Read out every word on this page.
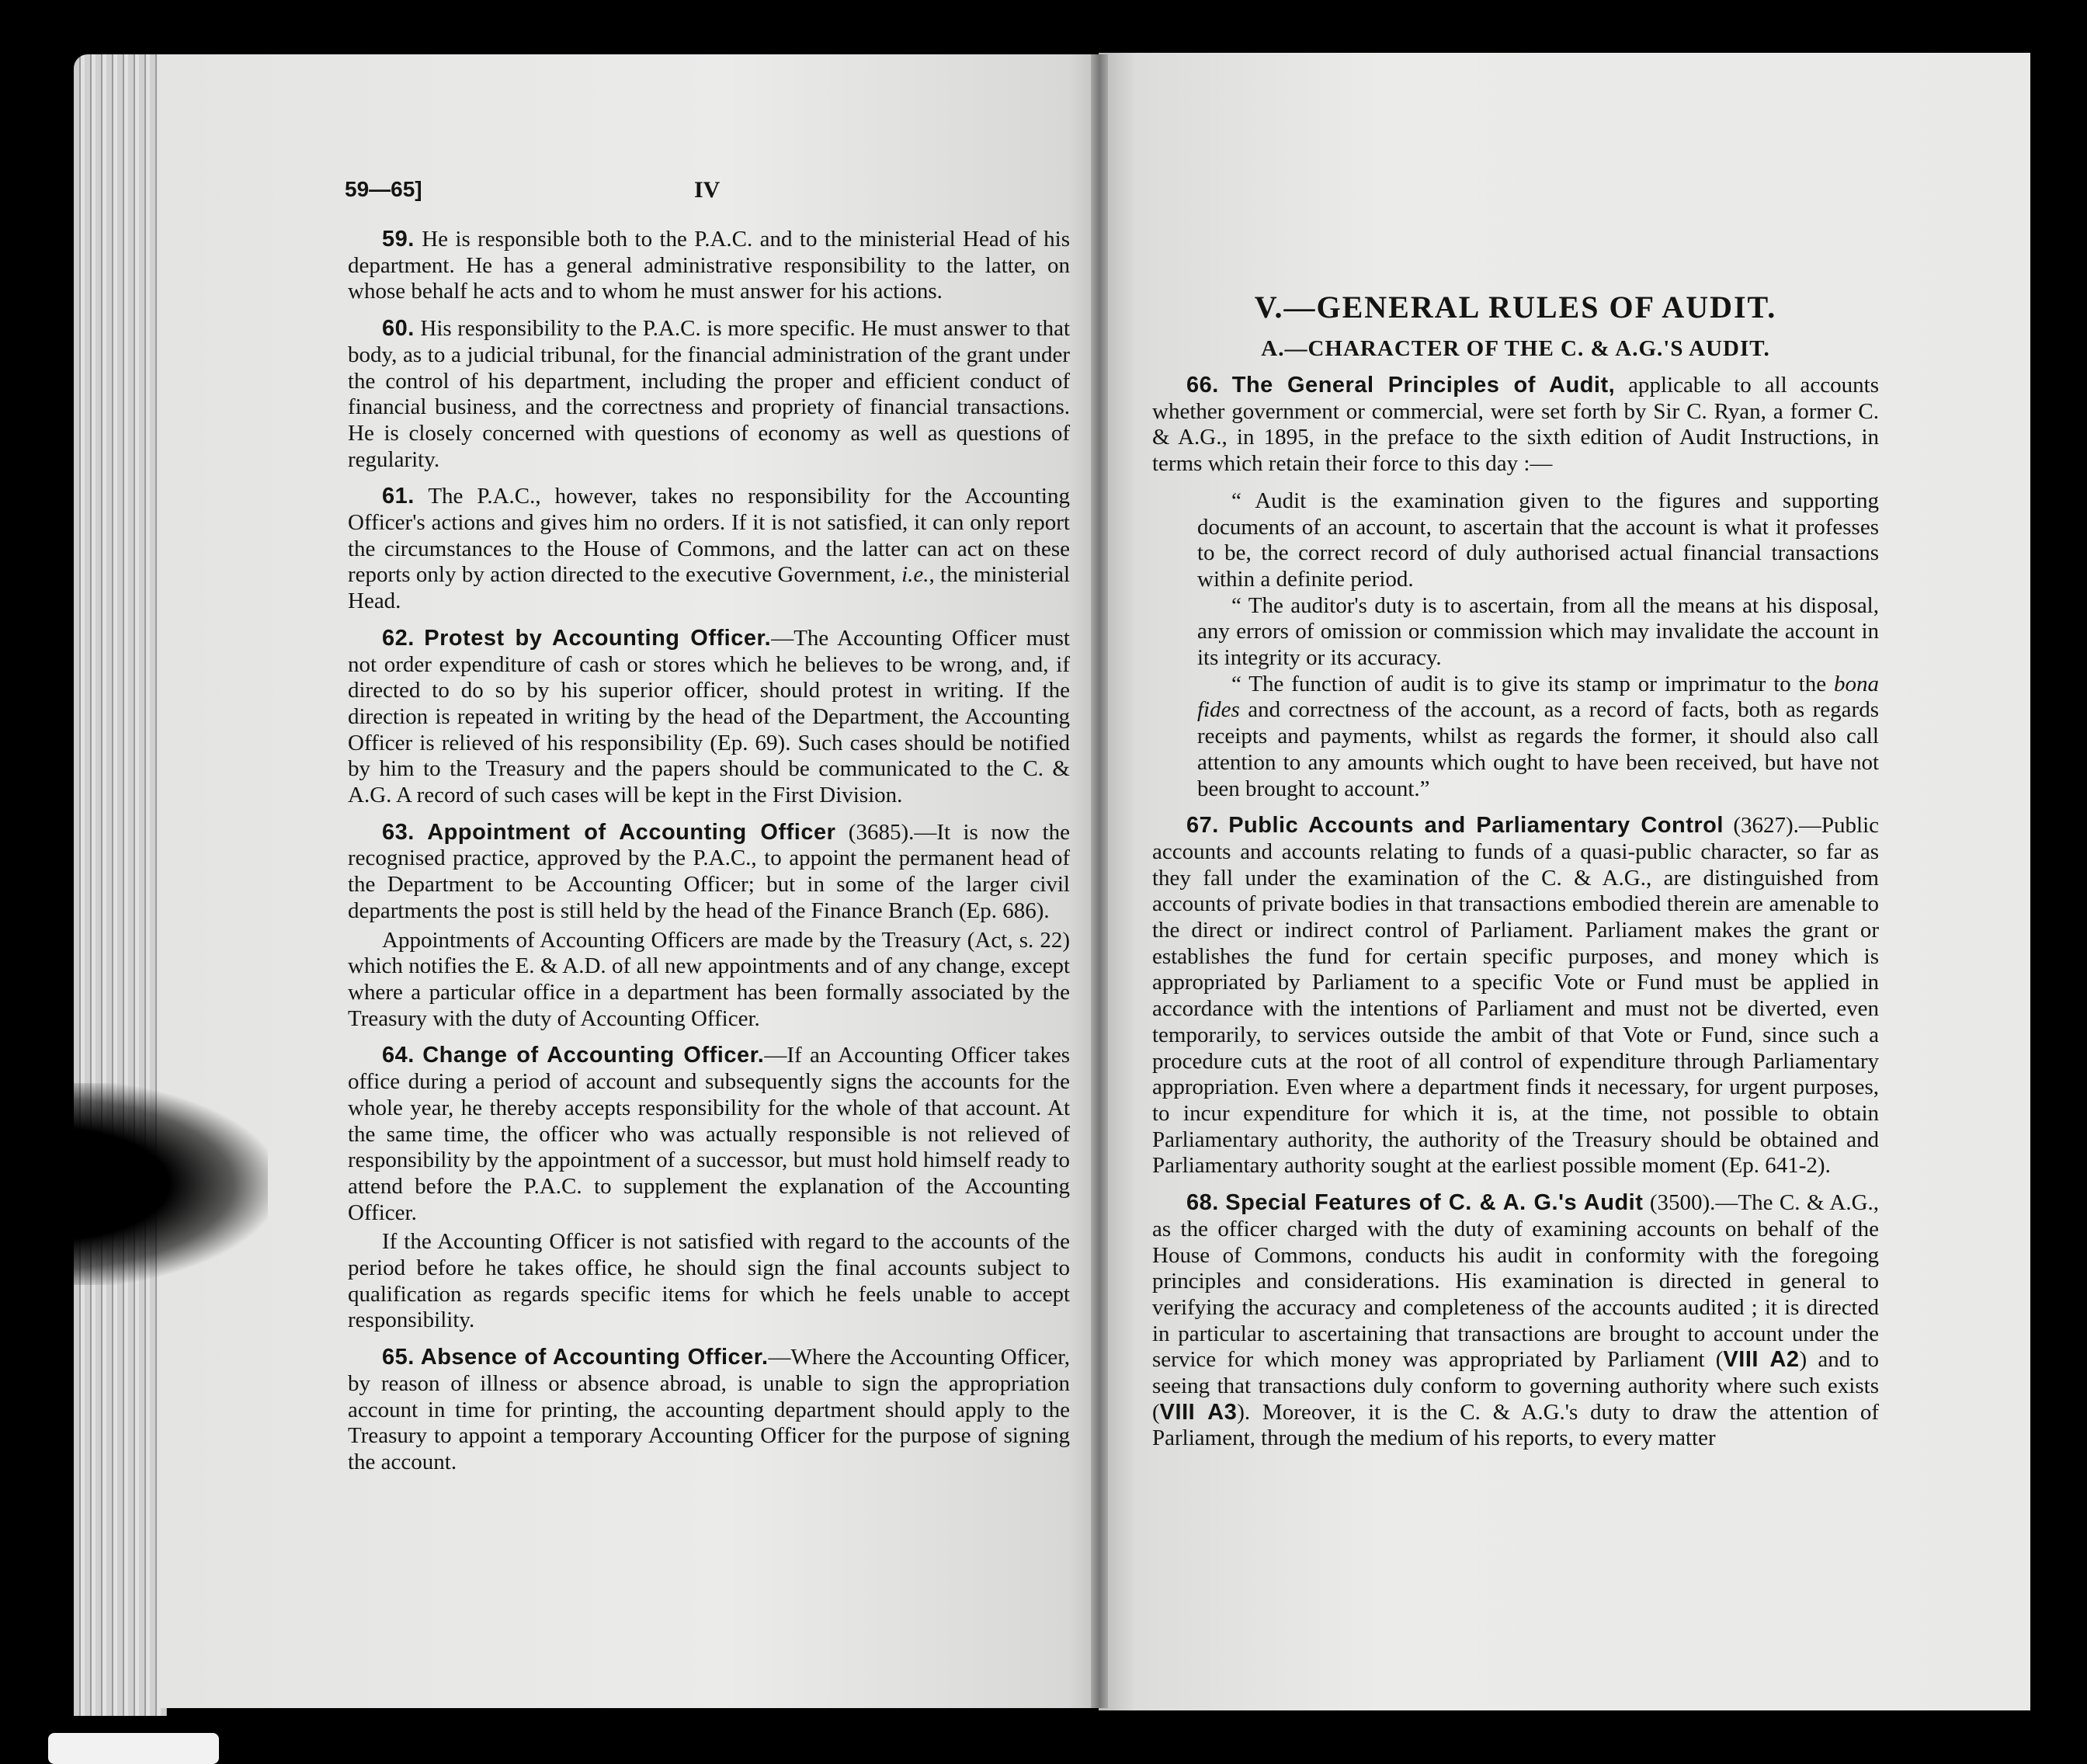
59—65]	IV

59. He is responsible both to the P.A.C. and to the ministerial Head of his department. He has a general administrative responsibility to the latter, on whose behalf he acts and to whom he must answer for his actions.

60. His responsibility to the P.A.C. is more specific. He must answer to that body, as to a judicial tribunal, for the financial administration of the grant under the control of his department, including the proper and efficient conduct of financial business, and the correctness and propriety of financial transactions. He is closely concerned with questions of economy as well as questions of regularity.

61. The P.A.C., however, takes no responsibility for the Accounting Officer's actions and gives him no orders. If it is not satisfied, it can only report the circumstances to the House of Commons, and the latter can act on these reports only by action directed to the executive Government, i.e., the ministerial Head.

62. Protest by Accounting Officer.—The Accounting Officer must not order expenditure of cash or stores which he believes to be wrong, and, if directed to do so by his superior officer, should protest in writing. If the direction is repeated in writing by the head of the Department, the Accounting Officer is relieved of his responsibility (Ep. 69). Such cases should be notified by him to the Treasury and the papers should be communicated to the C. & A.G. A record of such cases will be kept in the First Division.

63. Appointment of Accounting Officer (3685).—It is now the recognised practice, approved by the P.A.C., to appoint the permanent head of the Department to be Accounting Officer; but in some of the larger civil departments the post is still held by the head of the Finance Branch (Ep. 686).

Appointments of Accounting Officers are made by the Treasury (Act, s. 22) which notifies the E. & A.D. of all new appointments and of any change, except where a particular office in a department has been formally associated by the Treasury with the duty of Accounting Officer.

64. Change of Accounting Officer.—If an Accounting Officer takes office during a period of account and subsequently signs the accounts for the whole year, he thereby accepts responsibility for the whole of that account. At the same time, the officer who was actually responsible is not relieved of responsibility by the appointment of a successor, but must hold himself ready to attend before the P.A.C. to supplement the explanation of the Accounting Officer.

If the Accounting Officer is not satisfied with regard to the accounts of the period before he takes office, he should sign the final accounts subject to qualification as regards specific items for which he feels unable to accept responsibility.

65. Absence of Accounting Officer.—Where the Accounting Officer, by reason of illness or absence abroad, is unable to sign the appropriation account in time for printing, the accounting department should apply to the Treasury to appoint a temporary Accounting Officer for the purpose of signing the account.

V.—GENERAL RULES OF AUDIT.
A.—CHARACTER OF THE C. & A.G.'S AUDIT.

66. The General Principles of Audit, applicable to all accounts whether government or commercial, were set forth by Sir C. Ryan, a former C. & A.G., in 1895, in the preface to the sixth edition of Audit Instructions, in terms which retain their force to this day :—

“ Audit is the examination given to the figures and supporting documents of an account, to ascertain that the account is what it professes to be, the correct record of duly authorised actual financial transactions within a definite period.

“ The auditor's duty is to ascertain, from all the means at his disposal, any errors of omission or commission which may invalidate the account in its integrity or its accuracy.

“ The function of audit is to give its stamp or imprimatur to the bona fides and correctness of the account, as a record of facts, both as regards receipts and payments, whilst as regards the former, it should also call attention to any amounts which ought to have been received, but have not been brought to account.”

67. Public Accounts and Parliamentary Control (3627).—Public accounts and accounts relating to funds of a quasi-public character, so far as they fall under the examination of the C. & A.G., are distinguished from accounts of private bodies in that transactions embodied therein are amenable to the direct or indirect control of Parliament. Parliament makes the grant or establishes the fund for certain specific purposes, and money which is appropriated by Parliament to a specific Vote or Fund must be applied in accordance with the intentions of Parliament and must not be diverted, even temporarily, to services outside the ambit of that Vote or Fund, since such a procedure cuts at the root of all control of expenditure through Parliamentary appropriation. Even where a department finds it necessary, for urgent purposes, to incur expenditure for which it is, at the time, not possible to obtain Parliamentary authority, the authority of the Treasury should be obtained and Parliamentary authority sought at the earliest possible moment (Ep. 641-2).

68. Special Features of C. & A. G.'s Audit (3500).—The C. & A.G., as the officer charged with the duty of examining accounts on behalf of the House of Commons, conducts his audit in conformity with the foregoing principles and considerations. His examination is directed in general to verifying the accuracy and completeness of the accounts audited ; it is directed in particular to ascertaining that transactions are brought to account under the service for which money was appropriated by Parliament (VIII A2) and to seeing that transactions duly conform to governing authority where such exists (VIII A3). Moreover, it is the C. & A.G.'s duty to draw the attention of Parliament, through the medium of his reports, to every matter
